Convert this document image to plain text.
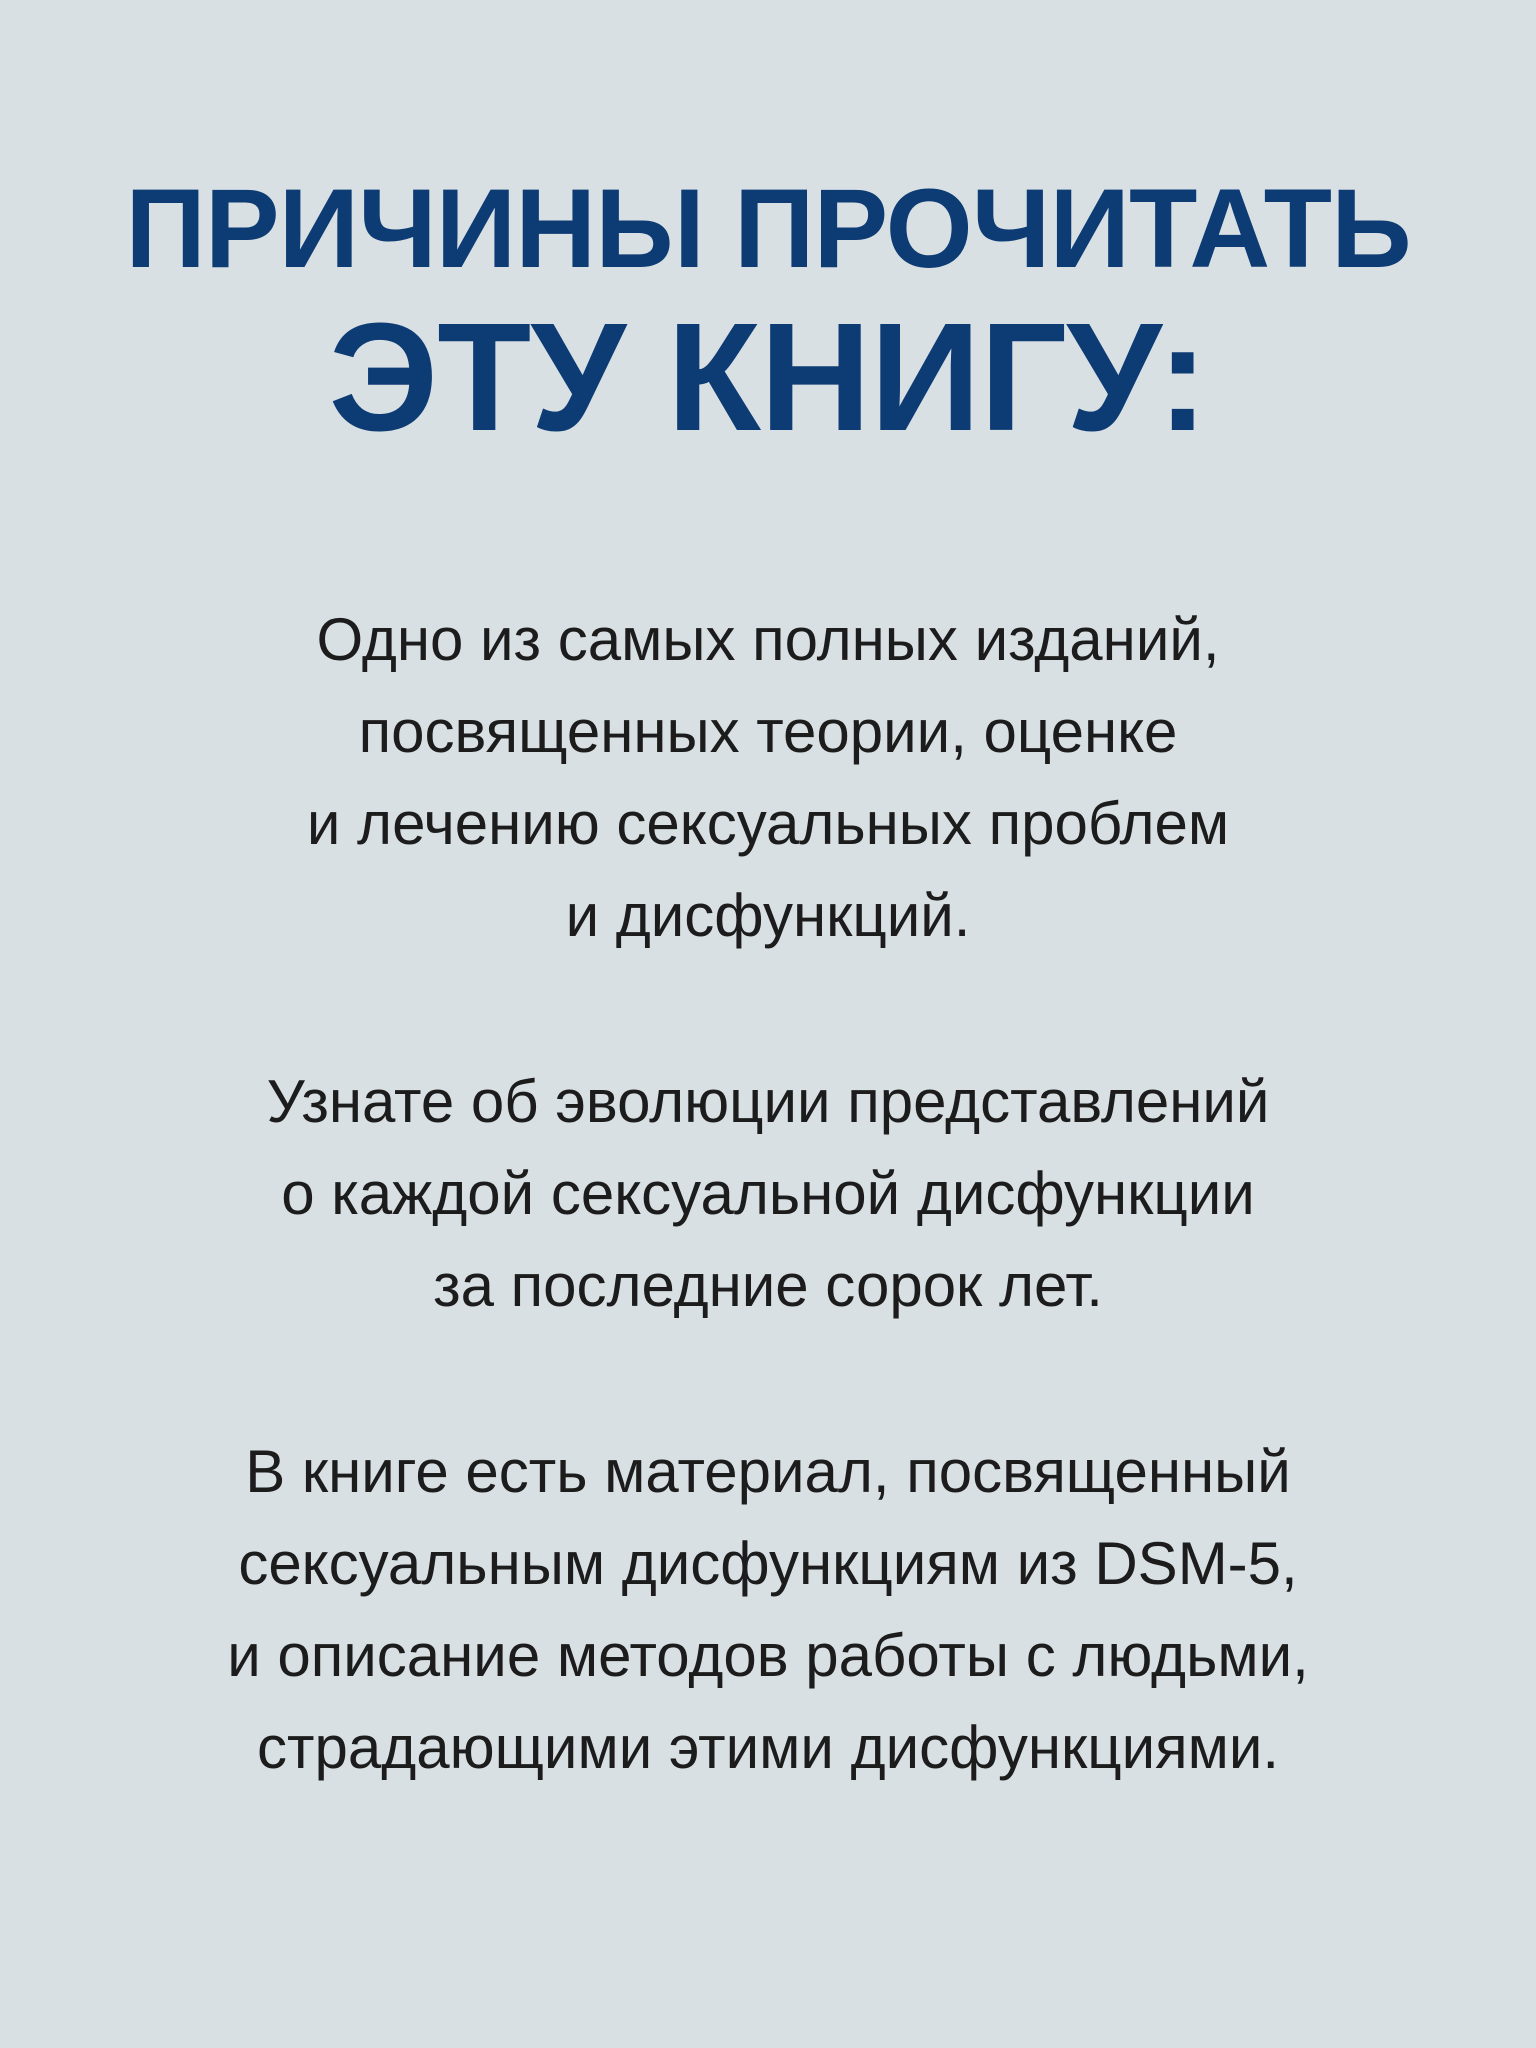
ПРИЧИНЫ ПРОЧИТАТЬ
ЭТУ КНИГУ:
Одно из самых полных изданий,
посвященных теории, оценке
и лечению сексуальных проблем
и дисфункций.
Узнате об эволюции представлений
о каждой сексуальной дисфункции
за последние сорок лет.
В книге есть материал, посвященный
сексуальным дисфункциям из DSM-5,
и описание методов работы с людьми,
страдающими этими дисфункциями.
